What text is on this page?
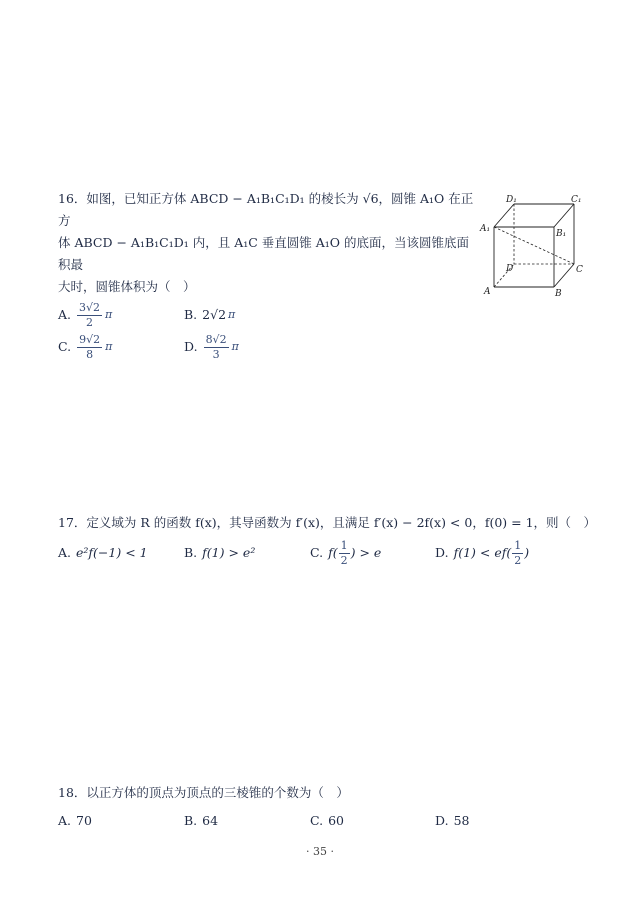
16．如图，已知正方体 ABCD − A₁B₁C₁D₁ 的棱长为 √6，圆锥 A₁O 在正方
体 ABCD − A₁B₁C₁D₁ 内，且 A₁C 垂直圆锥 A₁O 的底面，当该圆锥底面积最
大时，圆锥体积为（　）
A. $\frac{3√2}{2}$ π	B. 2√2 π
C. $\frac{9√2}{8}$ π	D. $\frac{8√2}{3}$ π
D₁	C₁
A₁	B₁
D	C
A	B
17．定义域为 R 的函数 f(x)，其导函数为 f′(x)，且满足 f′(x) − 2f(x) < 0，f(0) = 1，则（　）
A. e²f(−1) < 1	B. f(1) > e²	C. $f( \frac{1}{2}$ ) > e	D. $f(1) < ef( \frac{1}{2}$ )
18．以正方体的顶点为顶点的三棱锥的个数为（　）
A. 70	B. 64	C. 60	D. 58
· 35 ·
